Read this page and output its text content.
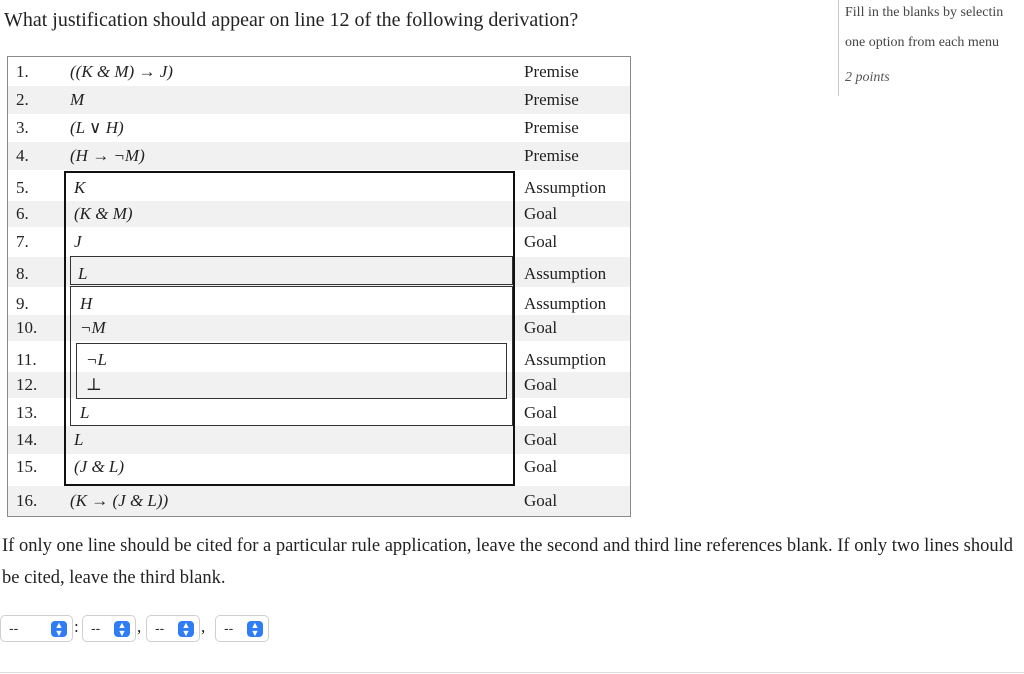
What justification should appear on line 12 of the following derivation?	Fill in the blanks by selectin
one option from each menu
2 points
1. ((K & M) → J)	Premise
2. M	Premise
3. (L ∨ H)	Premise
4. (H → ¬M)	Premise
5.	K	Assumption
6.	(K & M)	Goal
7.	J	Goal
8.	L	Assumption
9.	H	Assumption
10.	¬M	Goal
11.	¬L	Assumption
12.	⊥	Goal
13.	L	Goal
14. L	Goal
15. (J & L)	Goal
16. (K → (J & L))	Goal
If only one line should be cited for a particular rule application, leave the second and third line references blank. If only two lines should be cited, leave the third blank.
--	▲
▼ : --	▲
▼ , --	▲
▼ , --	▲
▼
